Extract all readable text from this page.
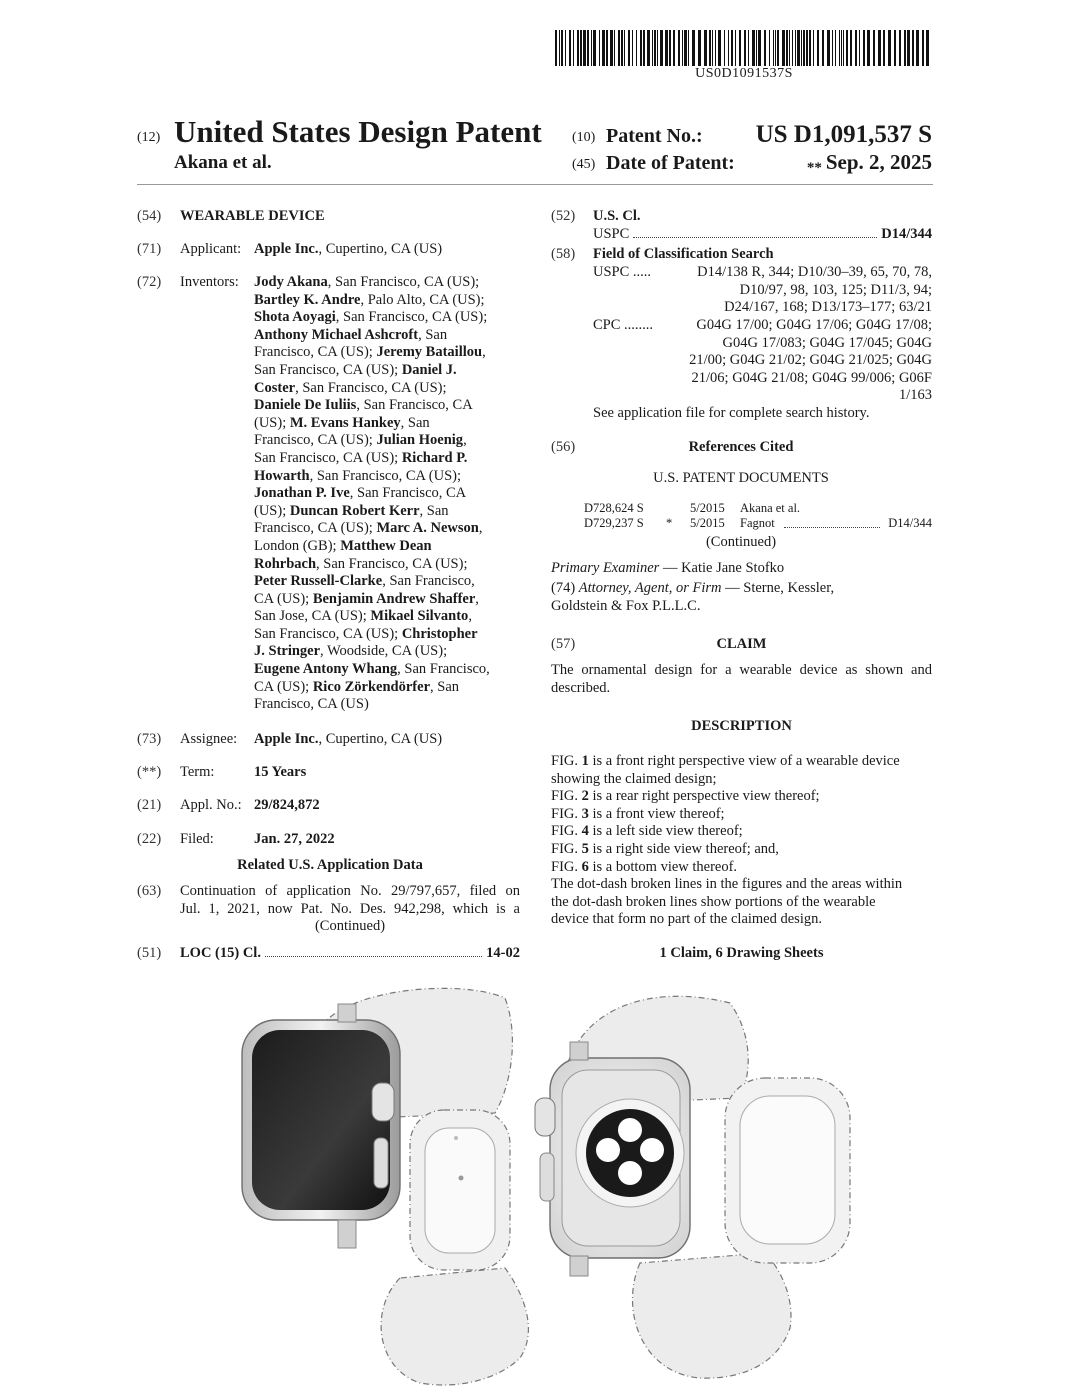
US0D1091537S
(12) United States Design Patent
Akana et al.
(10) Patent No.: US D1,091,537 S
(45) Date of Patent:	** Sep. 2, 2025
(54) WEARABLE DEVICE
(71) Applicant: Apple Inc., Cupertino, CA (US)
(72) Inventors: Jody Akana, San Francisco, CA (US);
Bartley K. Andre, Palo Alto, CA (US);
Shota Aoyagi, San Francisco, CA (US);
Anthony Michael Ashcroft, San
Francisco, CA (US); Jeremy Bataillou,
San Francisco, CA (US); Daniel J.
Coster, San Francisco, CA (US);
Daniele De Iuliis, San Francisco, CA
(US); M. Evans Hankey, San
Francisco, CA (US); Julian Hoenig,
San Francisco, CA (US); Richard P.
Howarth, San Francisco, CA (US);
Jonathan P. Ive, San Francisco, CA
(US); Duncan Robert Kerr, San
Francisco, CA (US); Marc A. Newson,
London (GB); Matthew Dean
Rohrbach, San Francisco, CA (US);
Peter Russell-Clarke, San Francisco,
CA (US); Benjamin Andrew Shaffer,
San Jose, CA (US); Mikael Silvanto,
San Francisco, CA (US); Christopher
J. Stringer, Woodside, CA (US);
Eugene Antony Whang, San Francisco,
CA (US); Rico Zörkendörfer, San
Francisco, CA (US)
(73) Assignee: Apple Inc., Cupertino, CA (US)
(**) Term:	15 Years
(21) Appl. No.: 29/824,872
(22) Filed:	Jan. 27, 2022
Related U.S. Application Data
(63) Continuation of application No. 29/797,657, filed on
Jul. 1, 2021, now Pat. No. Des. 942,298, which is a
(Continued)
(51) LOC (15) Cl.	14-02
(52) U.S. Cl.
USPC	D14/344
(58) Field of Classification Search
USPC .....	D14/138 R, 344; D10/30–39, 65, 70, 78,
D10/97, 98, 103, 125; D11/3, 94;
D24/167, 168; D13/173–177; 63/21
CPC ........	G04G 17/00; G04G 17/06; G04G 17/08;
G04G 17/083; G04G 17/045; G04G
21/00; G04G 21/02; G04G 21/025; G04G
21/06; G04G 21/08; G04G 99/006; G06F
1/163
See application file for complete search history.
(56)	References Cited
U.S. PATENT DOCUMENTS
D728,624 S	5/2015 Akana et al.
D729,237 S * 5/2015 Fagnot	D14/344
(Continued)
Primary Examiner — Katie Jane Stofko
(74) Attorney, Agent, or Firm — Sterne, Kessler,
Goldstein & Fox P.L.L.C.
(57)	CLAIM
The ornamental design for a wearable device as shown and
described.
DESCRIPTION
FIG. 1 is a front right perspective view of a wearable device
showing the claimed design;
FIG. 2 is a rear right perspective view thereof;
FIG. 3 is a front view thereof;
FIG. 4 is a left side view thereof;
FIG. 5 is a right side view thereof; and,
FIG. 6 is a bottom view thereof.
The dot-dash broken lines in the figures and the areas within
the dot-dash broken lines show portions of the wearable
device that form no part of the claimed design.
1 Claim, 6 Drawing Sheets
